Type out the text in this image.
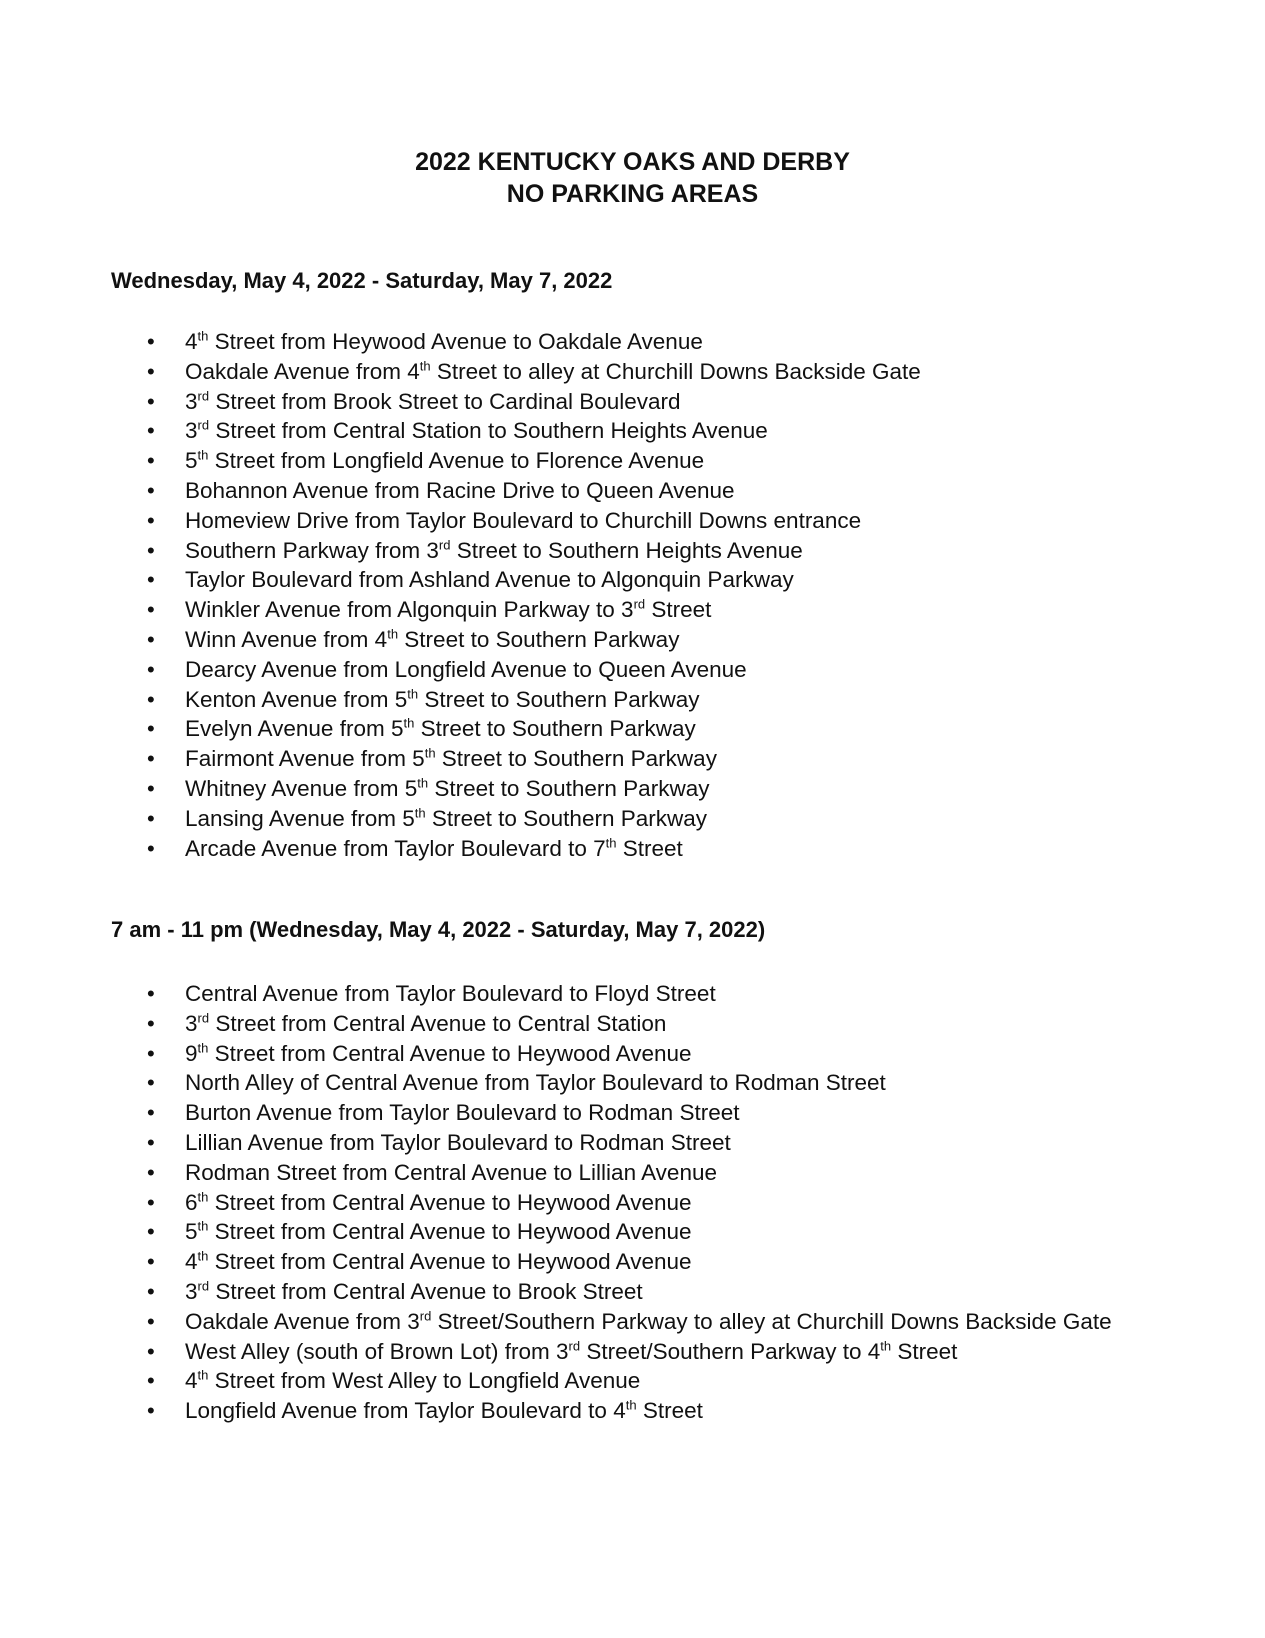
2022 KENTUCKY OAKS AND DERBY
NO PARKING AREAS
Wednesday, May 4, 2022 - Saturday, May 7, 2022
• 4th Street from Heywood Avenue to Oakdale Avenue
• Oakdale Avenue from 4th Street to alley at Churchill Downs Backside Gate
• 3rd Street from Brook Street to Cardinal Boulevard
• 3rd Street from Central Station to Southern Heights Avenue
• 5th Street from Longfield Avenue to Florence Avenue
• Bohannon Avenue from Racine Drive to Queen Avenue
• Homeview Drive from Taylor Boulevard to Churchill Downs entrance
• Southern Parkway from 3rd Street to Southern Heights Avenue
• Taylor Boulevard from Ashland Avenue to Algonquin Parkway
• Winkler Avenue from Algonquin Parkway to 3rd Street
• Winn Avenue from 4th Street to Southern Parkway
• Dearcy Avenue from Longfield Avenue to Queen Avenue
• Kenton Avenue from 5th Street to Southern Parkway
• Evelyn Avenue from 5th Street to Southern Parkway
• Fairmont Avenue from 5th Street to Southern Parkway
• Whitney Avenue from 5th Street to Southern Parkway
• Lansing Avenue from 5th Street to Southern Parkway
• Arcade Avenue from Taylor Boulevard to 7th Street
7 am - 11 pm (Wednesday, May 4, 2022 - Saturday, May 7, 2022)
• Central Avenue from Taylor Boulevard to Floyd Street
• 3rd Street from Central Avenue to Central Station
• 9th Street from Central Avenue to Heywood Avenue
• North Alley of Central Avenue from Taylor Boulevard to Rodman Street
• Burton Avenue from Taylor Boulevard to Rodman Street
• Lillian Avenue from Taylor Boulevard to Rodman Street
• Rodman Street from Central Avenue to Lillian Avenue
• 6th Street from Central Avenue to Heywood Avenue
• 5th Street from Central Avenue to Heywood Avenue
• 4th Street from Central Avenue to Heywood Avenue
• 3rd Street from Central Avenue to Brook Street
• Oakdale Avenue from 3rd Street/Southern Parkway to alley at Churchill Downs Backside Gate
• West Alley (south of Brown Lot) from 3rd Street/Southern Parkway to 4th Street
• 4th Street from West Alley to Longfield Avenue
• Longfield Avenue from Taylor Boulevard to 4th Street
